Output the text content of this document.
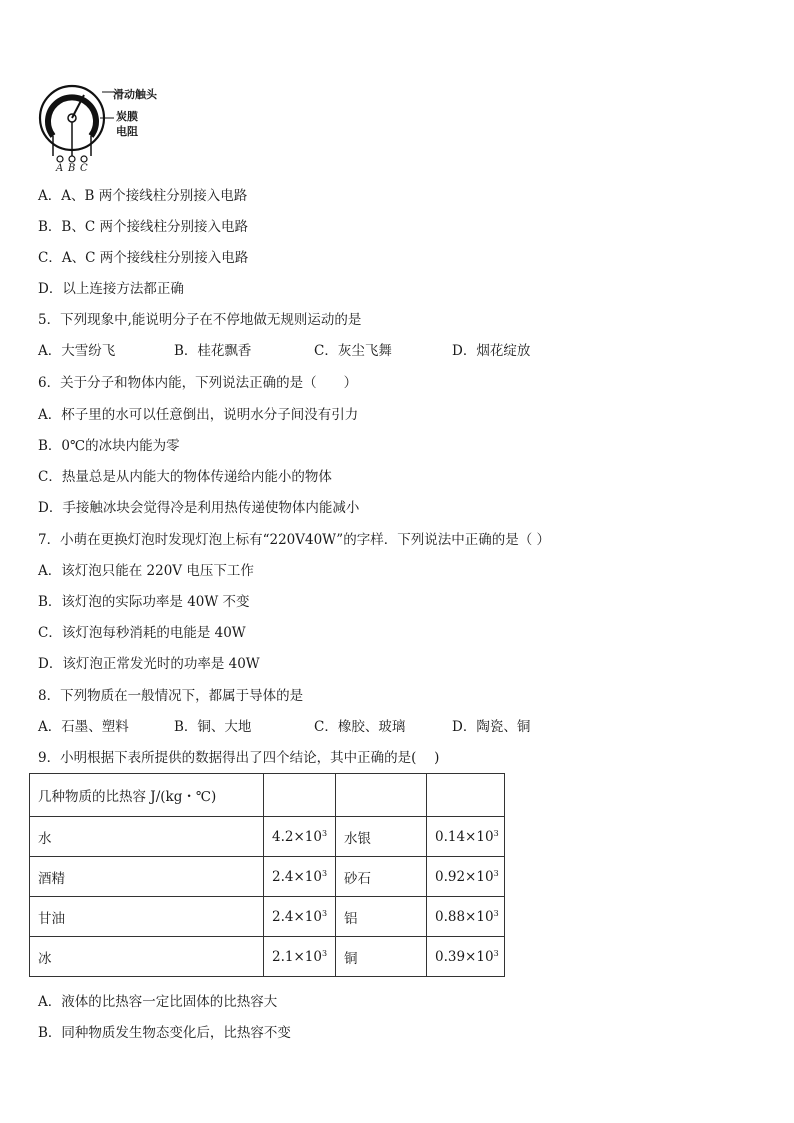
滑动触头
炭膜
电阻
A B C
A．A、B 两个接线柱分别接入电路
B．B、C 两个接线柱分别接入电路
C．A、C 两个接线柱分别接入电路
D．以上连接方法都正确
5．下列现象中,能说明分子在不停地做无规则运动的是
A．大雪纷飞	B．桂花飘香	C．灰尘飞舞	D．烟花绽放
6．关于分子和物体内能，下列说法正确的是（　　）
A．杯子里的水可以任意倒出，说明水分子间没有引力
B．0℃的冰块内能为零
C．热量总是从内能大的物体传递给内能小的物体
D．手接触冰块会觉得冷是利用热传递使物体内能减小
7．小萌在更换灯泡时发现灯泡上标有“220V40W”的字样．下列说法中正确的是（ ）
A．该灯泡只能在 220V 电压下工作
B．该灯泡的实际功率是 40W 不变
C．该灯泡每秒消耗的电能是 40W
D．该灯泡正常发光时的功率是 40W
8．下列物质在一般情况下，都属于导体的是
A．石墨、塑料	B．铜、大地	C．橡胶、玻璃	D．陶瓷、铜
9．小明根据下表所提供的数据得出了四个结论，其中正确的是(　 )
几种物质的比热容 J/(kg・℃)			
水	$4.2\times 10^3$	水银	$0.14\times 10^3$
酒精	$2.4\times 10^3$	砂石	$0.92\times 10^3$
甘油	$2.4\times 10^3$	铝	$0.88\times 10^3$
冰	$2.1\times 10^3$	铜	$0.39\times 10^3$
A．液体的比热容一定比固体的比热容大
B．同种物质发生物态变化后，比热容不变
